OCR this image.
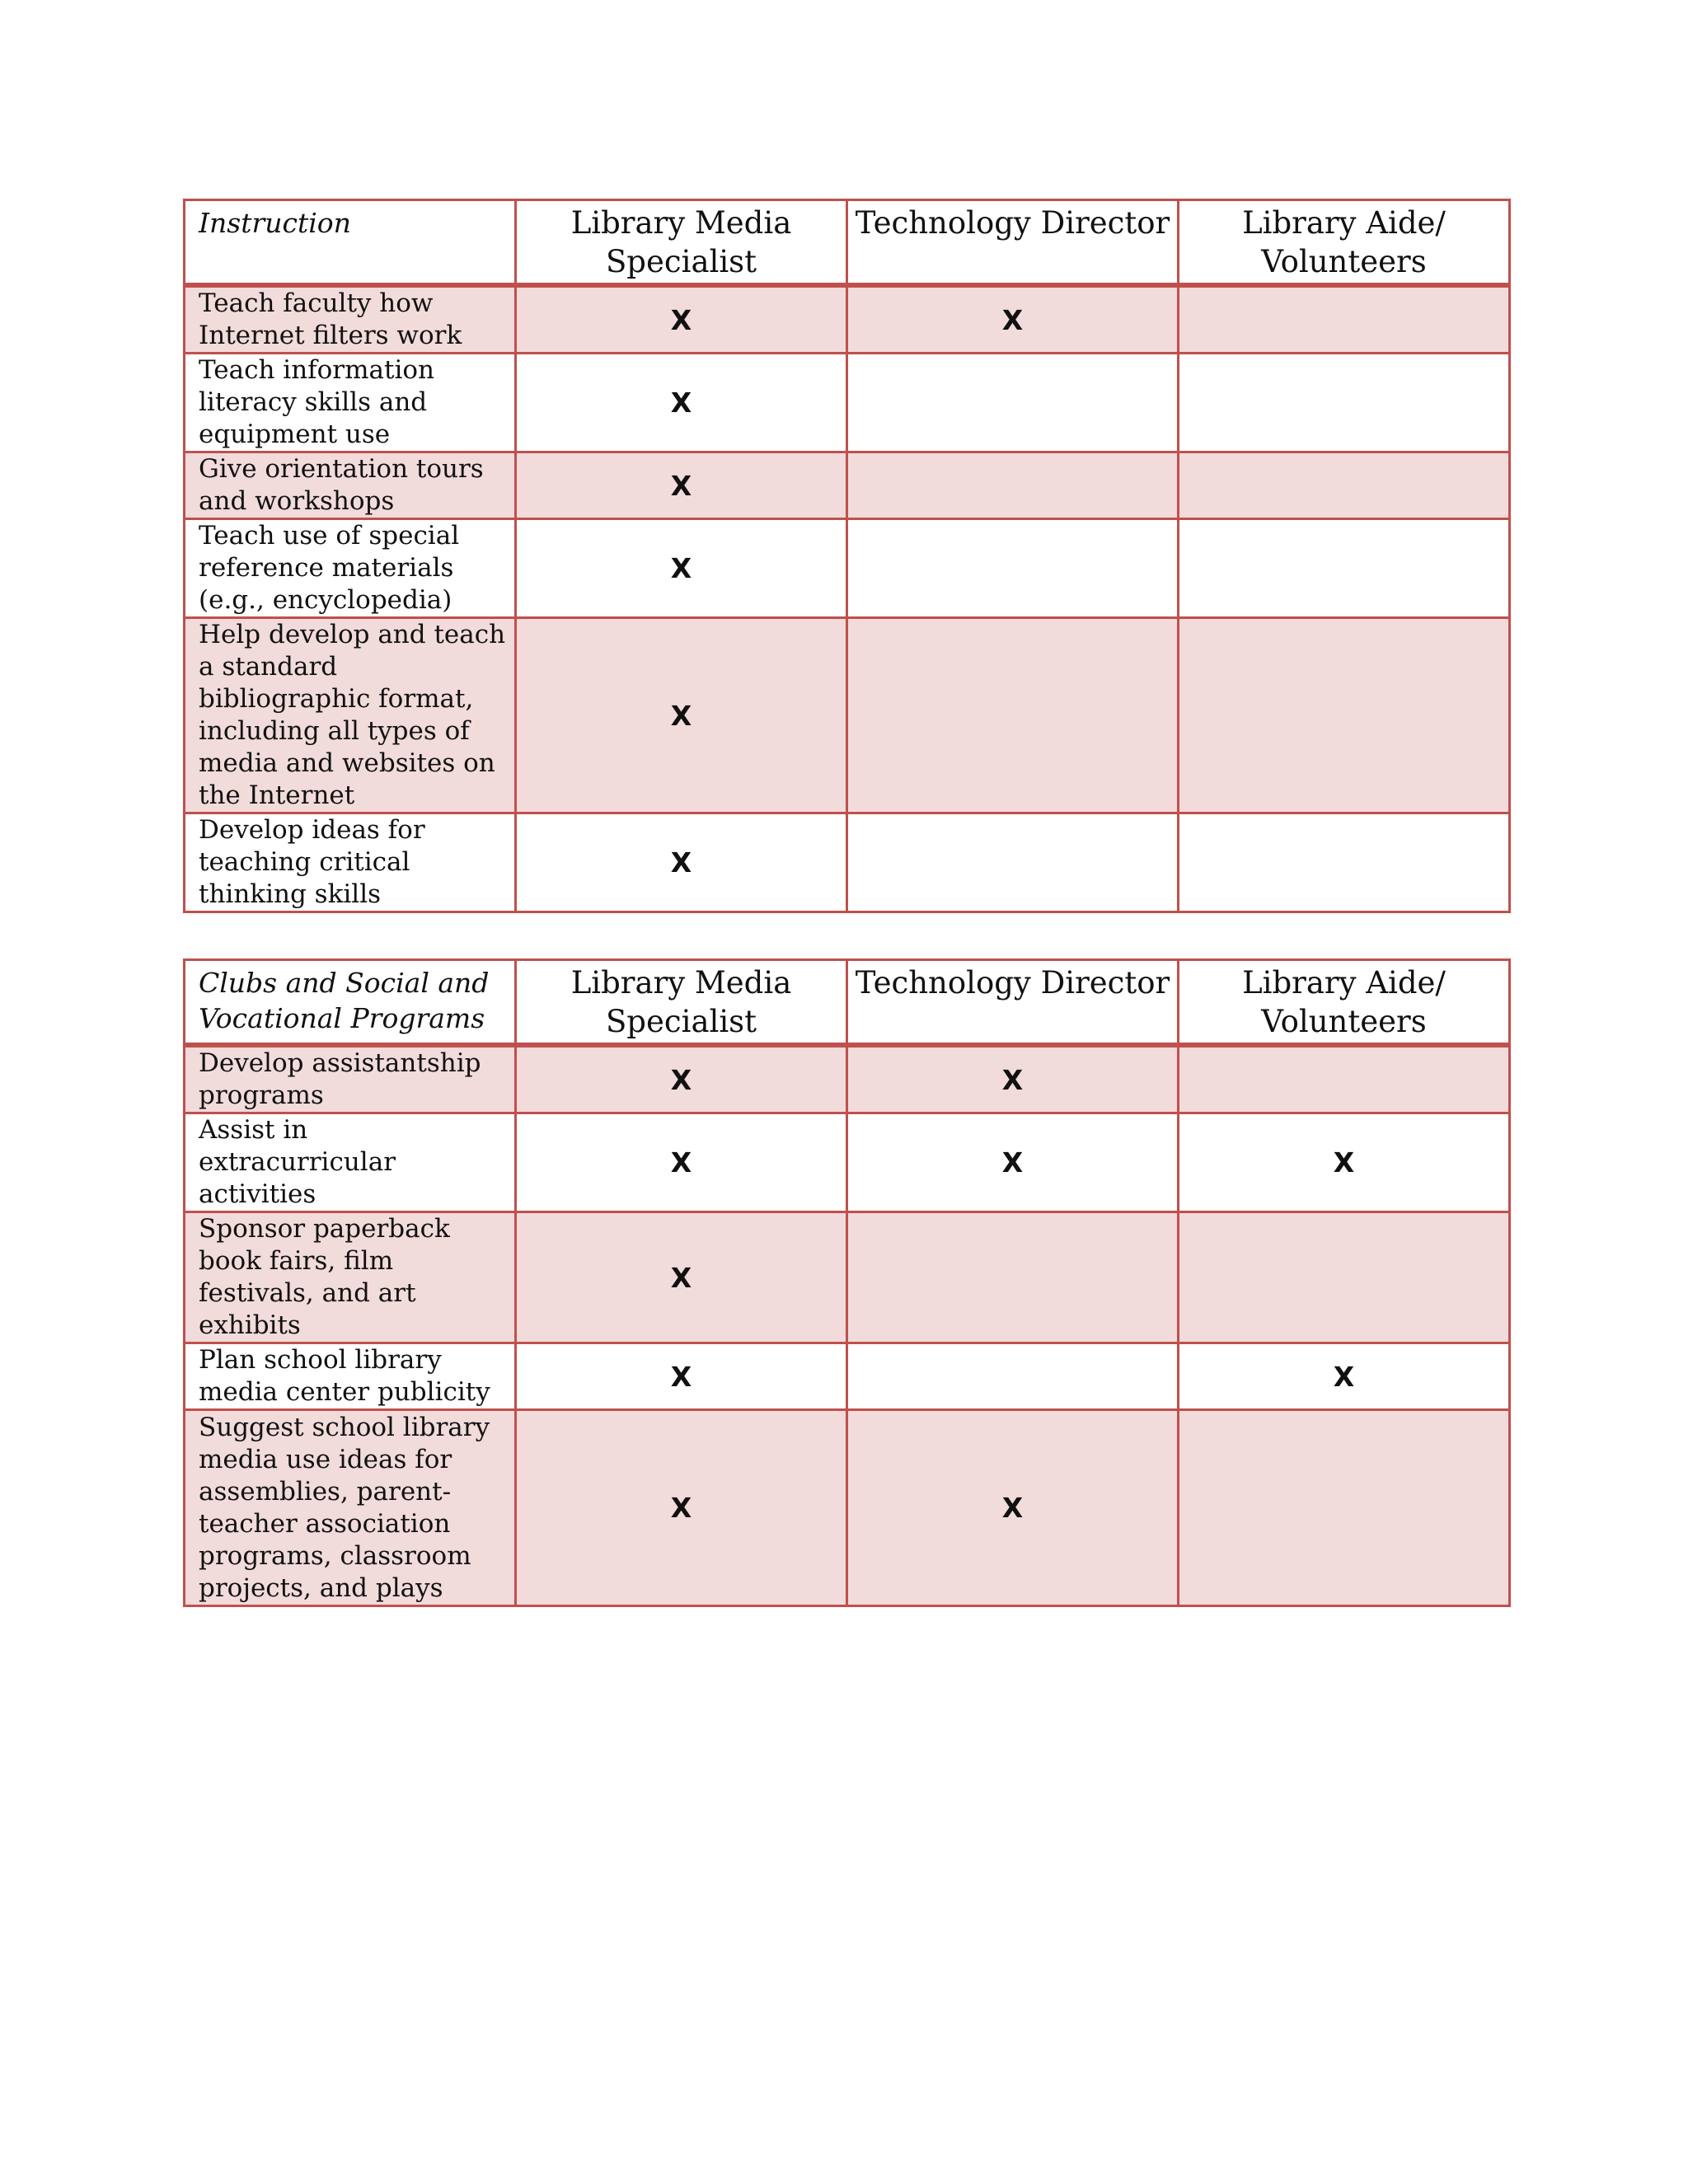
Instruction	Library Media Specialist	Technology Director	Library Aide/ Volunteers
Teach faculty how Internet filters work	X	X	
Teach information literacy skills and equipment use	X		
Give orientation tours and workshops	X		
Teach use of special reference materials (e.g., encyclopedia)	X		
Help develop and teach a standard bibliographic format, including all types of media and websites on the Internet	X		
Develop ideas for teaching critical thinking skills	X		
Clubs and Social and Vocational Programs	Library Media Specialist	Technology Director	Library Aide/ Volunteers
Develop assistantship programs	X	X	
Assist in extracurricular activities	X	X	X
Sponsor paperback book fairs, film festivals, and art exhibits	X		
Plan school library media center publicity	X		X
Suggest school library media use ideas for assemblies, parent-teacher association programs, classroom projects, and plays	X	X	
